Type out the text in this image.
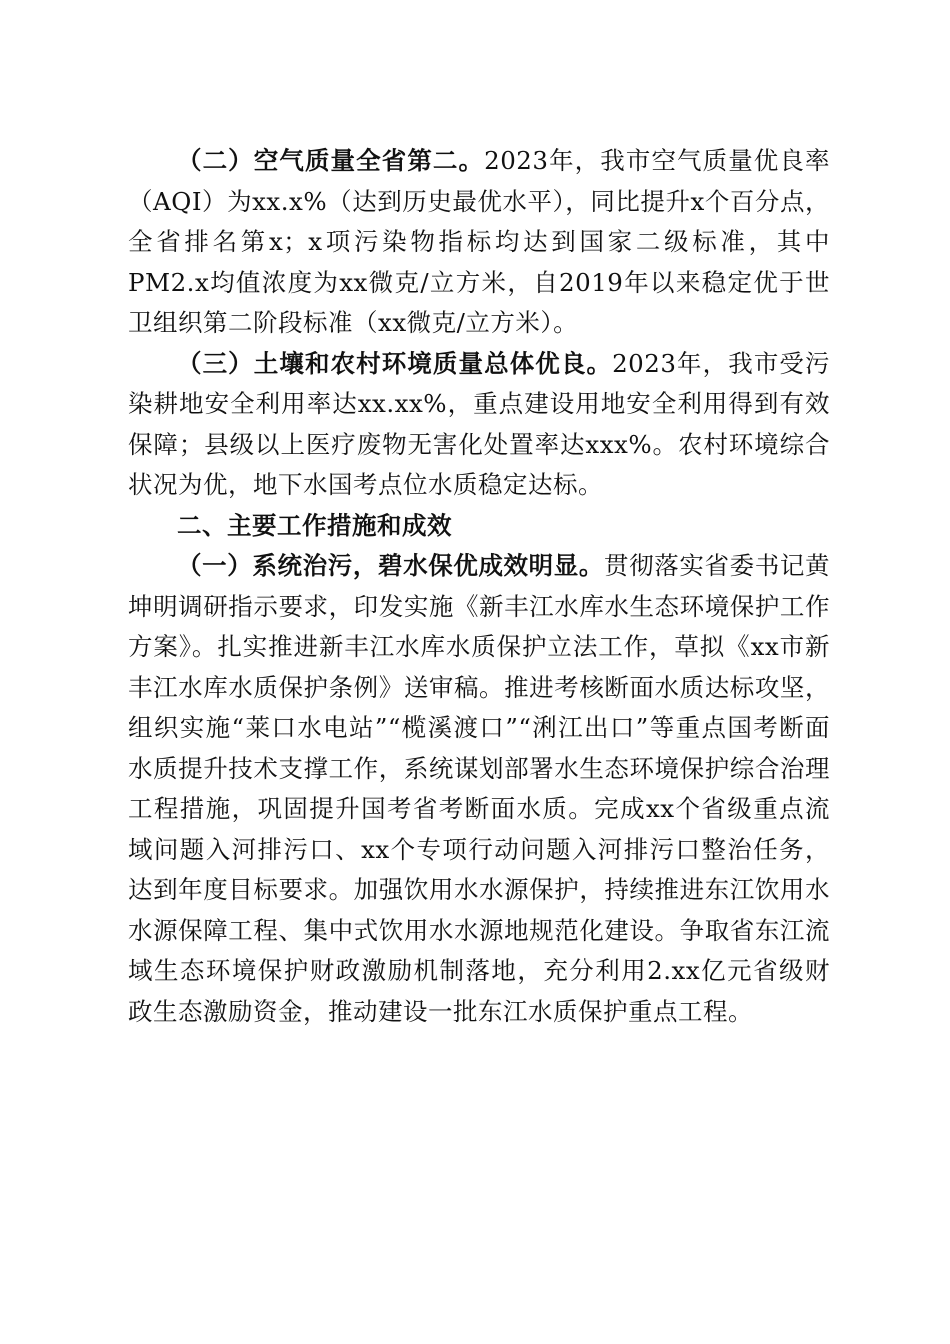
（二）空气质量全省第二。2023年，我市空气质量优良率（AQI）为xx.x%（达到历史最优水平），同比提升x个百分点，全省排名第x；x项污染物指标均达到国家二级标准，其中PM2.x均值浓度为xx微克/立方米，自2019年以来稳定优于世卫组织第二阶段标准（xx微克/立方米）。

（三）土壤和农村环境质量总体优良。2023年，我市受污染耕地安全利用率达xx.xx%，重点建设用地安全利用得到有效保障；县级以上医疗废物无害化处置率达xxx%。农村环境综合状况为优，地下水国考点位水质稳定达标。

二、主要工作措施和成效

（一）系统治污，碧水保优成效明显。贯彻落实省委书记黄坤明调研指示要求，印发实施《新丰江水库水生态环境保护工作方案》。扎实推进新丰江水库水质保护立法工作，草拟《xx市新丰江水库水质保护条例》送审稿。推进考核断面水质达标攻坚，组织实施“莱口水电站”“榄溪渡口”“浰江出口”等重点国考断面水质提升技术支撑工作，系统谋划部署水生态环境保护综合治理工程措施，巩固提升国考省考断面水质。完成xx个省级重点流域问题入河排污口、xx个专项行动问题入河排污口整治任务，达到年度目标要求。加强饮用水水源保护，持续推进东江饮用水水源保障工程、集中式饮用水水源地规范化建设。争取省东江流域生态环境保护财政激励机制落地，充分利用2.xx亿元省级财政生态激励资金，推动建设一批东江水质保护重点工程。
